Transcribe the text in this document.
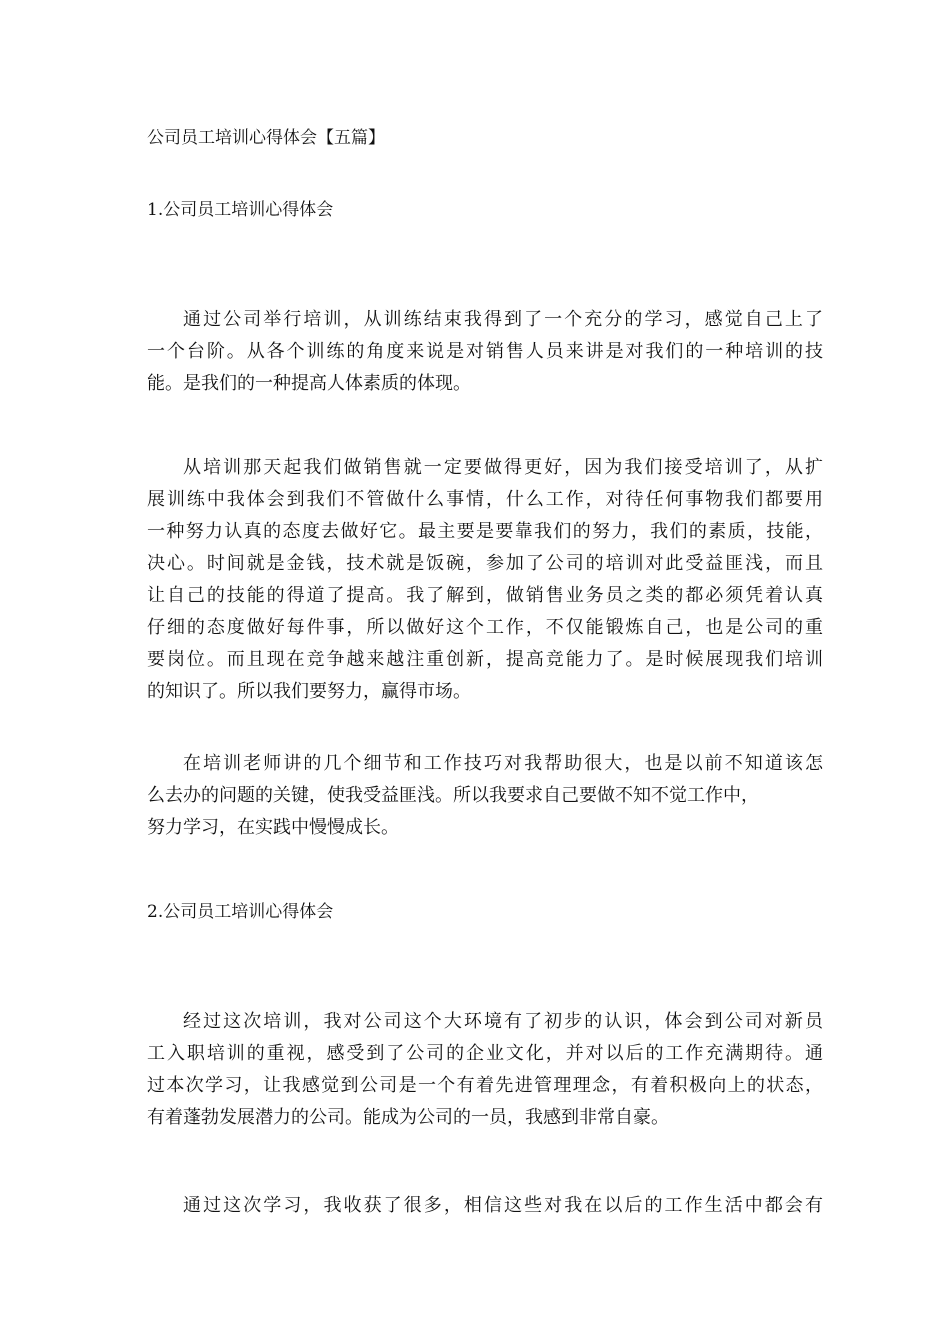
公司员工培训心得体会【五篇】
1.公司员工培训心得体会
通过公司举行培训，从训练结束我得到了一个充分的学习，感觉自己上了
一个台阶。从各个训练的角度来说是对销售人员来讲是对我们的一种培训的技
能。是我们的一种提高人体素质的体现。
从培训那天起我们做销售就一定要做得更好，因为我们接受培训了，从扩
展训练中我体会到我们不管做什么事情，什么工作，对待任何事物我们都要用
一种努力认真的态度去做好它。最主要是要靠我们的努力，我们的素质，技能，
决心。时间就是金钱，技术就是饭碗，参加了公司的培训对此受益匪浅，而且
让自己的技能的得道了提高。我了解到，做销售业务员之类的都必须凭着认真
仔细的态度做好每件事，所以做好这个工作，不仅能锻炼自己，也是公司的重
要岗位。而且现在竞争越来越注重创新，提高竞能力了。是时候展现我们培训
的知识了。所以我们要努力，赢得市场。
在培训老师讲的几个细节和工作技巧对我帮助很大，也是以前不知道该怎
么去办的问题的关键，使我受益匪浅。所以我要求自己要做不知不觉工作中，
努力学习，在实践中慢慢成长。
2.公司员工培训心得体会
经过这次培训，我对公司这个大环境有了初步的认识，体会到公司对新员
工入职培训的重视，感受到了公司的企业文化，并对以后的工作充满期待。通
过本次学习，让我感觉到公司是一个有着先进管理理念，有着积极向上的状态，
有着蓬勃发展潜力的公司。能成为公司的一员，我感到非常自豪。
通过这次学习，我收获了很多，相信这些对我在以后的工作生活中都会有
